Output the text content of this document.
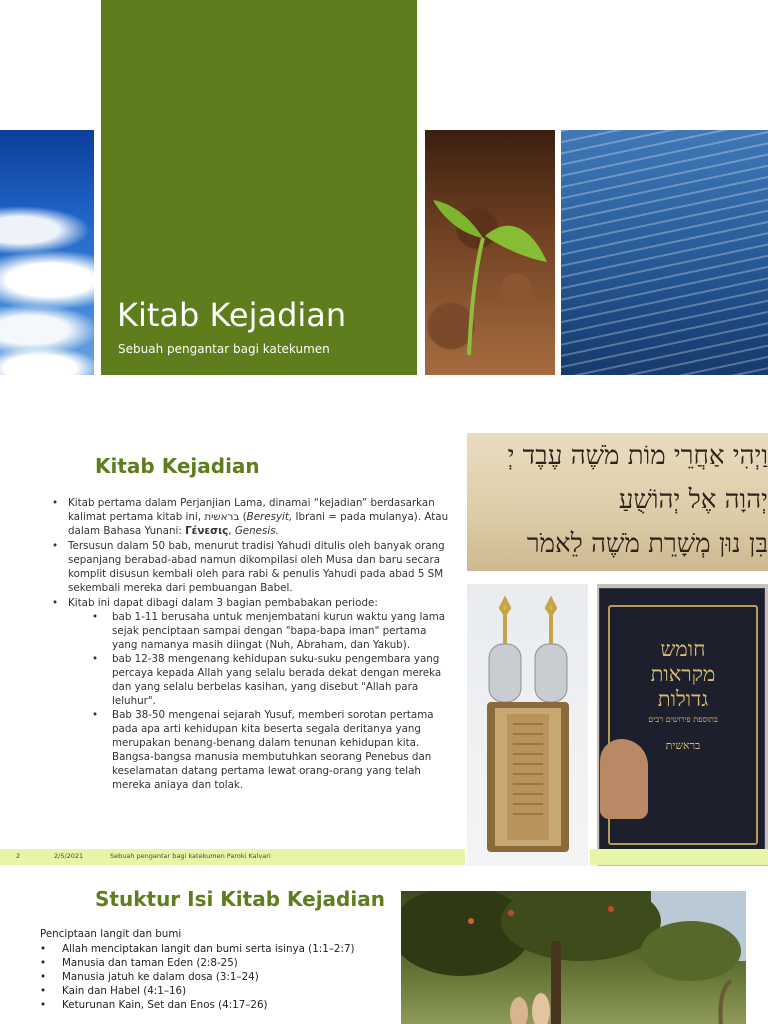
Kitab Kejadian
Sebuah pengantar bagi katekumen
Kitab Kejadian
• Kitab pertama dalam Perjanjian Lama, dinamai “kejadian” berdasarkan kalimat pertama kitab ini, בראשית (Beresyit, Ibrani = pada mulanya). Atau dalam Bahasa Yunani: Γένεσις, Genesis.
• Tersusun dalam 50 bab, menurut tradisi Yahudi ditulis oleh banyak orang sepanjang berabad-abad namun dikompilasi oleh Musa dan baru secara komplit disusun kembali oleh para rabi & penulis Yahudi pada abad 5 SM sekembali mereka dari pembuangan Babel.
• Kitab ini dapat dibagi dalam 3 bagian pembabakan periode:
• bab 1-11 berusaha untuk menjembatani kurun waktu yang lama sejak penciptaan sampai dengan "bapa-bapa iman" pertama yang namanya masih diingat (Nuh, Abraham, dan Yakub).
• bab 12-38 mengenang kehidupan suku-suku pengembara yang percaya kepada Allah yang selalu berada dekat dengan mereka dan yang selalu berbelas kasihan, yang disebut "Allah para leluhur".
• Bab 38-50 mengenai sejarah Yusuf, memberi sorotan pertama pada apa arti kehidupan kita beserta segala deritanya yang merupakan benang-benang dalam tenunan kehidupan kita. Bangsa-bangsa manusia membutuhkan seorang Penebus dan keselamatan datang pertama lewat orang-orang yang telah mereka aniaya dan tolak.
וַיְהִי אַחֲרֵי מוֹת מֹשֶׁה עֶבֶד יְ
יְהוָה אֶל יְהוֹשֻׁעַ
בִּן נוּן מְשָׁרֵת מֹשֶׁה לֵאמֹר
חומש
מקראות
גדולות
בתוספת פירושים רבים
בראשית
2	2/5/2021	Sebuah pengantar bagi katekumen Paroki Kalvari
Stuktur Isi Kitab Kejadian
Penciptaan langit dan bumi
• Allah menciptakan langit dan bumi serta isinya (1:1–2:7)
• Manusia dan taman Eden (2:8-25)
• Manusia jatuh ke dalam dosa (3:1–24)
• Kain dan Habel (4:1–16)
• Keturunan Kain, Set dan Enos (4:17–26)
